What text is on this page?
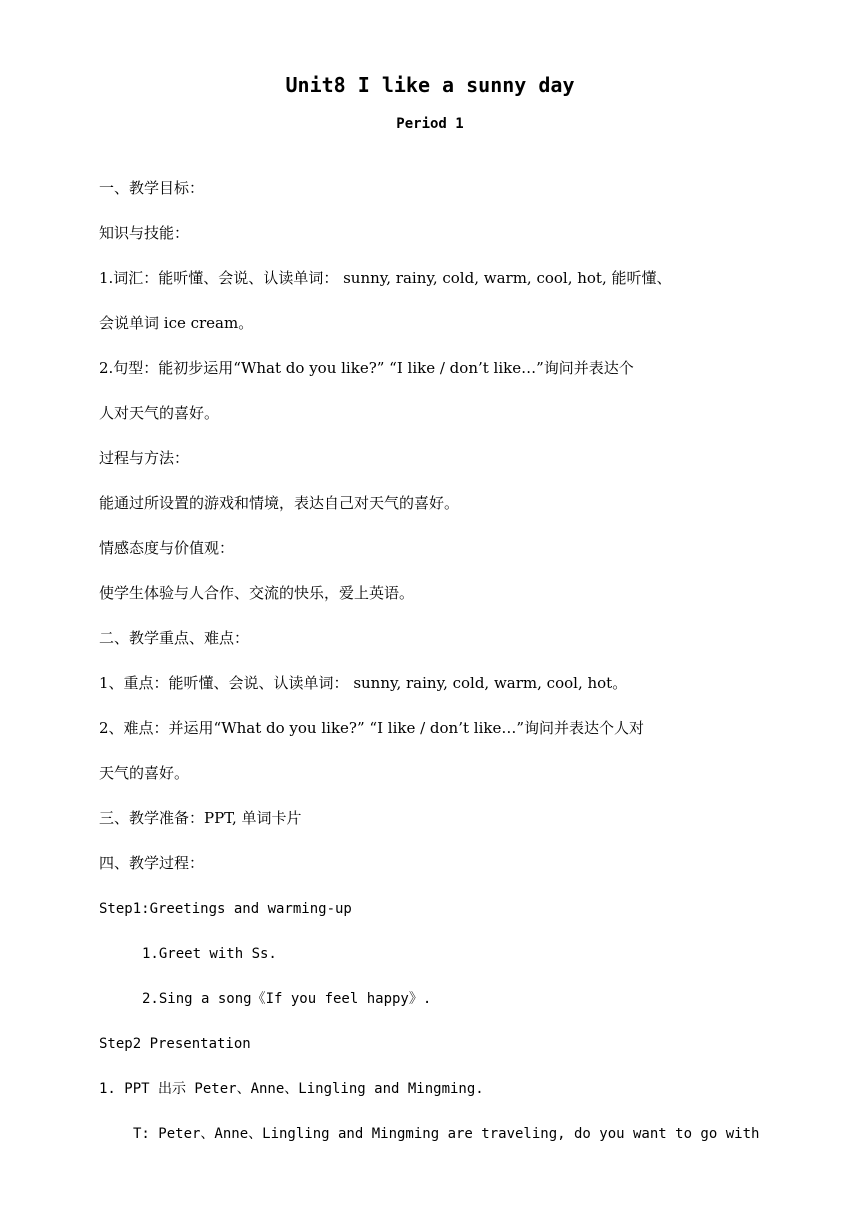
Unit8 I like a sunny day
Period 1
一、教学目标：
知识与技能：
1.词汇：能听懂、会说、认读单词： sunny, rainy, cold, warm, cool, hot, 能听懂、
会说单词 ice cream。
2.句型：能初步运用“What do you like?” “I like / don’t like…”询问并表达个
人对天气的喜好。
过程与方法：
能通过所设置的游戏和情境，表达自己对天气的喜好。
情感态度与价值观：
使学生体验与人合作、交流的快乐，爱上英语。
二、教学重点、难点：
1、重点：能听懂、会说、认读单词： sunny, rainy, cold, warm, cool, hot。
2、难点：并运用“What do you like?” “I like / don’t like…”询问并表达个人对
天气的喜好。
三、教学准备：PPT, 单词卡片
四、教学过程：
Step1:Greetings and warming-up
1.Greet with Ss.
2.Sing a song《If you feel happy》.
Step2 Presentation
1. PPT 出示 Peter、Anne、Lingling and Mingming.
T: Peter、Anne、Lingling and Mingming are traveling, do you want to go with
